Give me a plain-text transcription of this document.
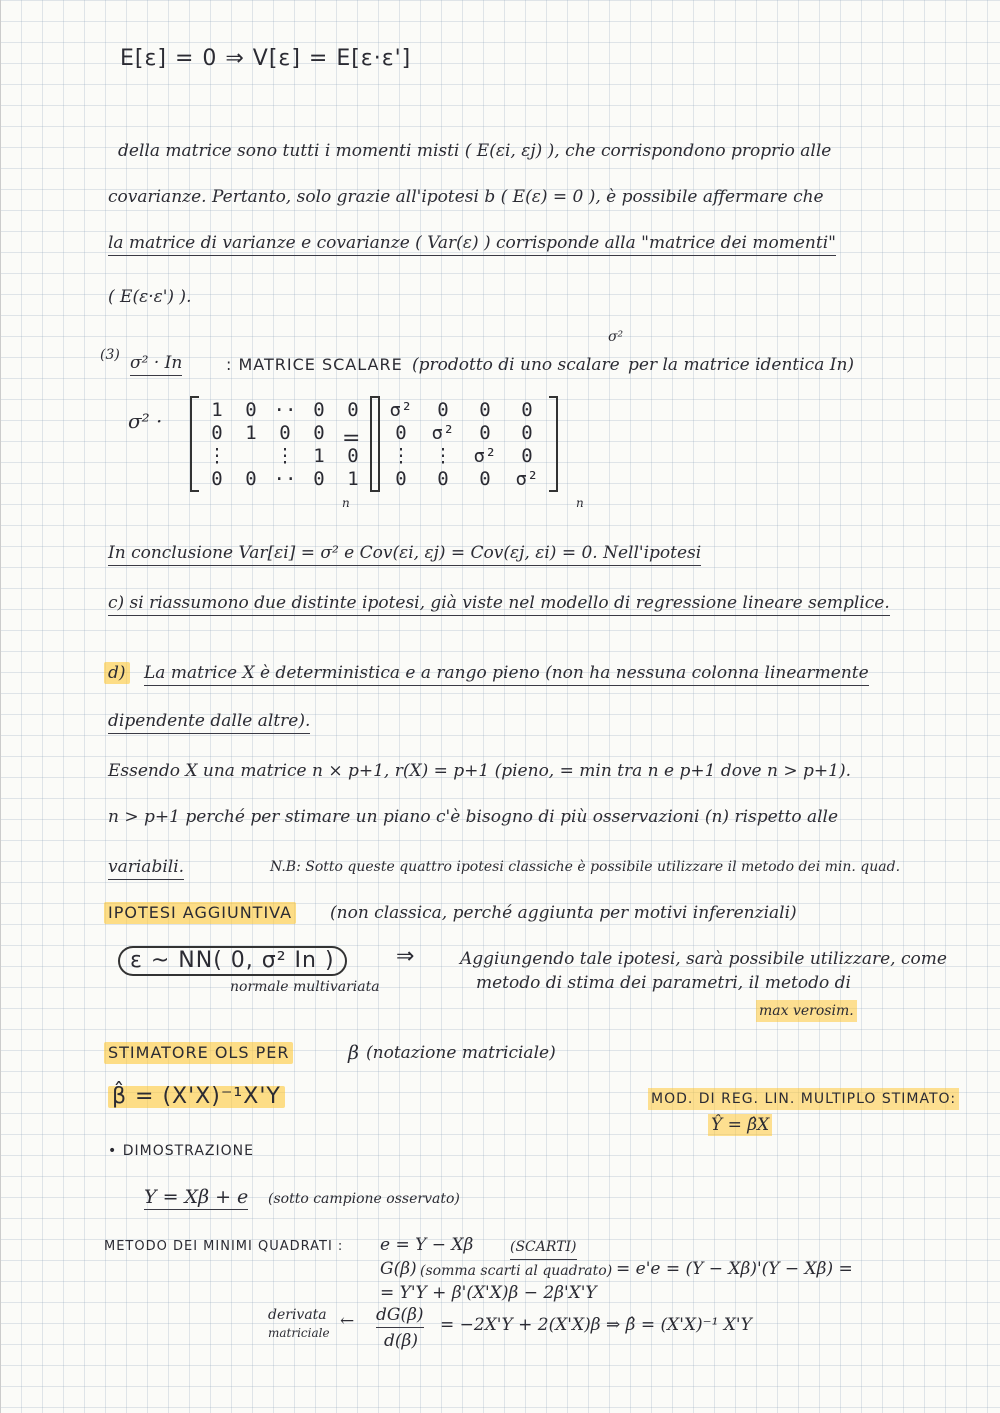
E[ε] = 0 ⇒ V[ε] = E[ε·ε']
della matrice sono tutti i momenti misti ( E(εi, εj) ), che corrispondono proprio alle
covarianze. Pertanto, solo grazie all'ipotesi b ( E(ε) = 0 ), è possibile affermare che
la matrice di varianze e covarianze ( Var(ε) ) corrisponde alla "matrice dei momenti"
( E(ε·ε') ).
(3) σ² · In	: MATRICE SCALARE (prodotto di uno scalare
σ²
per la matrice identica In)
σ² ·	1	0	··	0	0
0	1	0	0	
⋮		⋮	1	0
0	0	··	0	1
n
=
σ²	0	0	0
0	σ²	0	0
⋮	⋮	σ²	0
0	0	0	σ²
n
In conclusione Var[εi] = σ² e Cov(εi, εj) = Cov(εj, εi) = 0. Nell'ipotesi
c) si riassumono due distinte ipotesi, già viste nel modello di regressione lineare semplice.
d) La matrice X è deterministica e a rango pieno (non ha nessuna colonna linearmente
dipendente dalle altre).
Essendo X una matrice n × p+1, r(X) = p+1 (pieno, = min tra n e p+1 dove n > p+1).
n > p+1 perché per stimare un piano c'è bisogno di più osservazioni (n) rispetto alle
variabili.	N.B: Sotto queste quattro ipotesi classiche è possibile utilizzare il metodo dei min. quad.
IPOTESI AGGIUNTIVA (non classica, perché aggiunta per motivi inferenziali)
ε ~ NN( 0, σ² In )	⇒	Aggiungendo tale ipotesi, sarà possibile utilizzare, come
normale multivariata	metodo di stima dei parametri, il metodo di
max verosim.
STIMATORE OLS PER	β (notazione matriciale)
β̂ = (X'X)⁻¹X'Y	MOD. DI REG. LIN. MULTIPLO STIMATO:
Ŷ = β̂X
• DIMOSTRAZIONE
Y = Xβ + e (sotto campione osservato)
METODO DEI MINIMI QUADRATI : e = Y − Xβ	(SCARTI)
G(β) (somma scarti al quadrato) = e'e = (Y − Xβ)'(Y − Xβ) =
= Y'Y + β'(X'X)β − 2β'X'Y
derivata
matriciale
← dG(β)
d(β)
= −2X'Y + 2(X'X)β ⇒ β̂ = (X'X)⁻¹ X'Y
